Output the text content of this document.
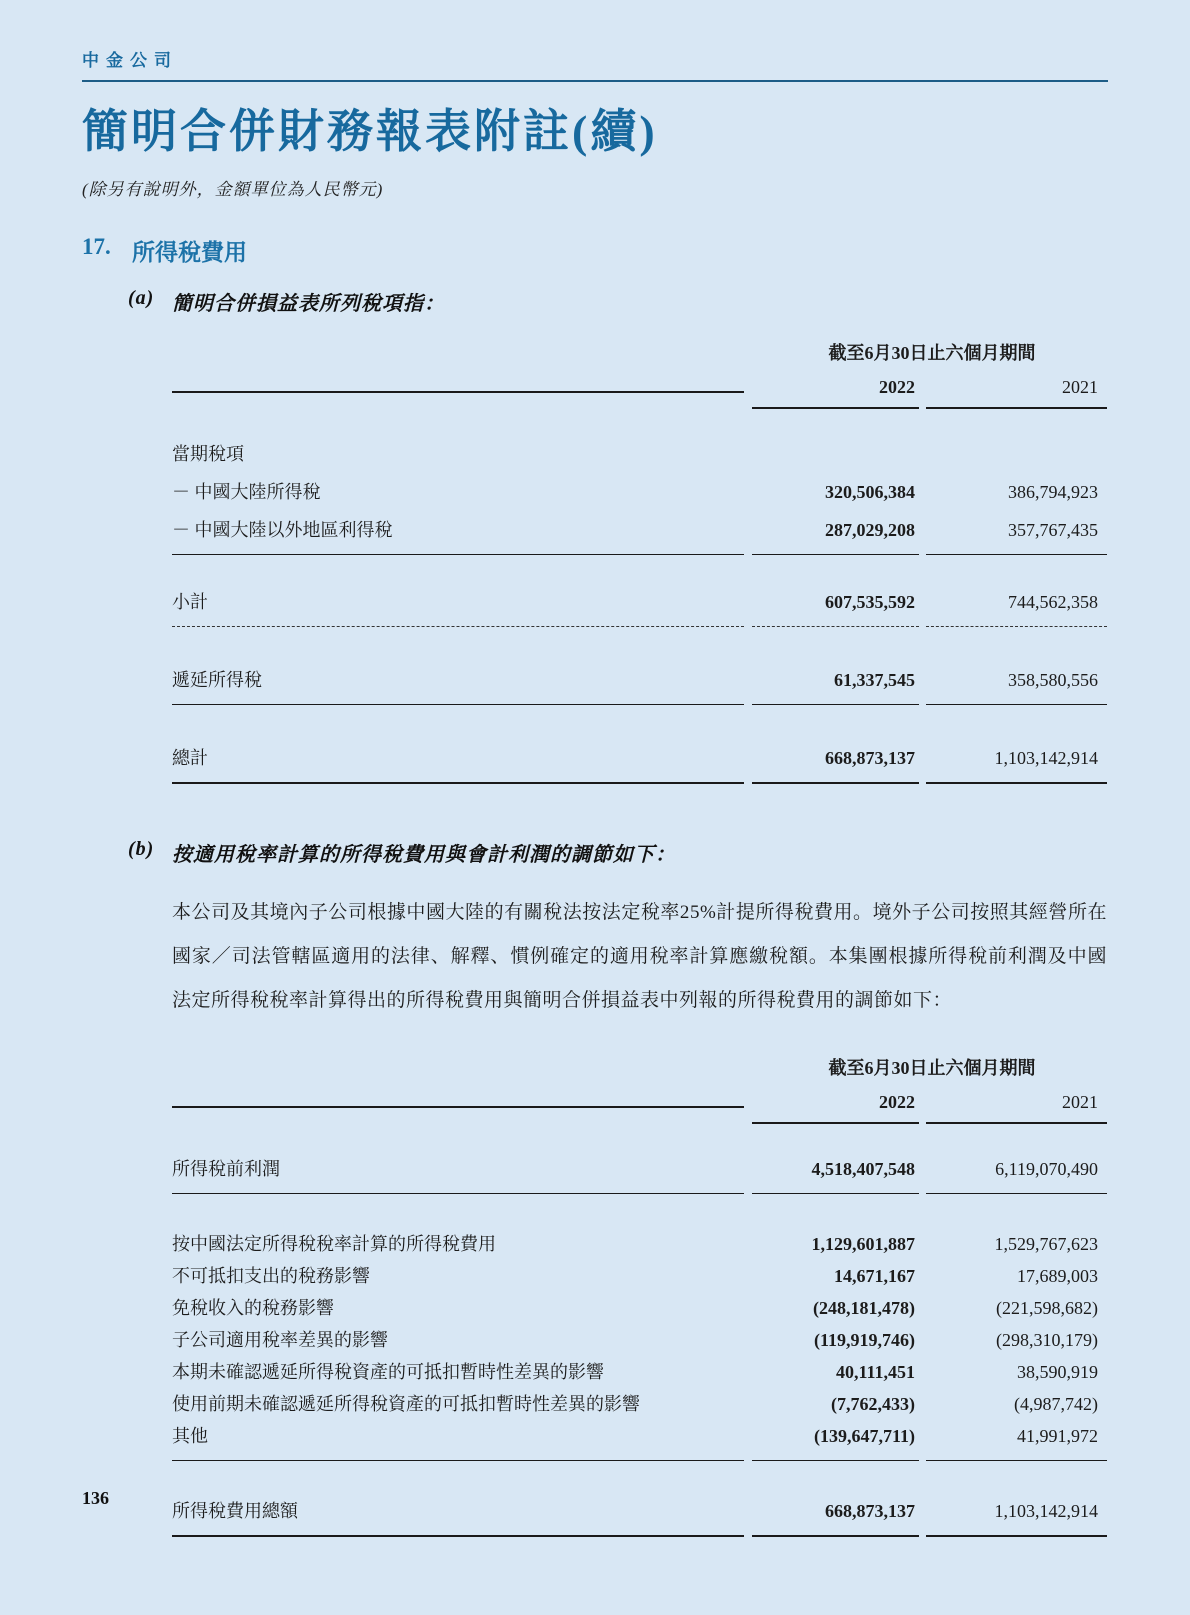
中金公司
簡明合併財務報表附註(續)
(除另有說明外，金額單位為人民幣元)
17. 所得稅費用
(a) 簡明合併損益表所列稅項指：
截至6月30日止六個月期間
2022	2021
當期稅項
－ 中國大陸所得稅	320,506,384	386,794,923
－ 中國大陸以外地區利得稅	287,029,208	357,767,435
小計	607,535,592	744,562,358
遞延所得稅	61,337,545	358,580,556
總計	668,873,137	1,103,142,914
(b) 按適用稅率計算的所得稅費用與會計利潤的調節如下：
本公司及其境內子公司根據中國大陸的有關稅法按法定稅率25%計提所得稅費用。境外子公司按照其經營所在國家／司法管轄區適用的法律、解釋、慣例確定的適用稅率計算應繳稅額。本集團根據所得稅前利潤及中國法定所得稅稅率計算得出的所得稅費用與簡明合併損益表中列報的所得稅費用的調節如下：
截至6月30日止六個月期間
2022	2021
所得稅前利潤	4,518,407,548	6,119,070,490
按中國法定所得稅稅率計算的所得稅費用	1,129,601,887	1,529,767,623
不可抵扣支出的稅務影響	14,671,167	17,689,003
免稅收入的稅務影響	(248,181,478)	(221,598,682)
子公司適用稅率差異的影響	(119,919,746)	(298,310,179)
本期未確認遞延所得稅資產的可抵扣暫時性差異的影響	40,111,451	38,590,919
使用前期未確認遞延所得稅資產的可抵扣暫時性差異的影響	(7,762,433)	(4,987,742)
其他	(139,647,711)	41,991,972
所得稅費用總額	668,873,137	1,103,142,914
136
